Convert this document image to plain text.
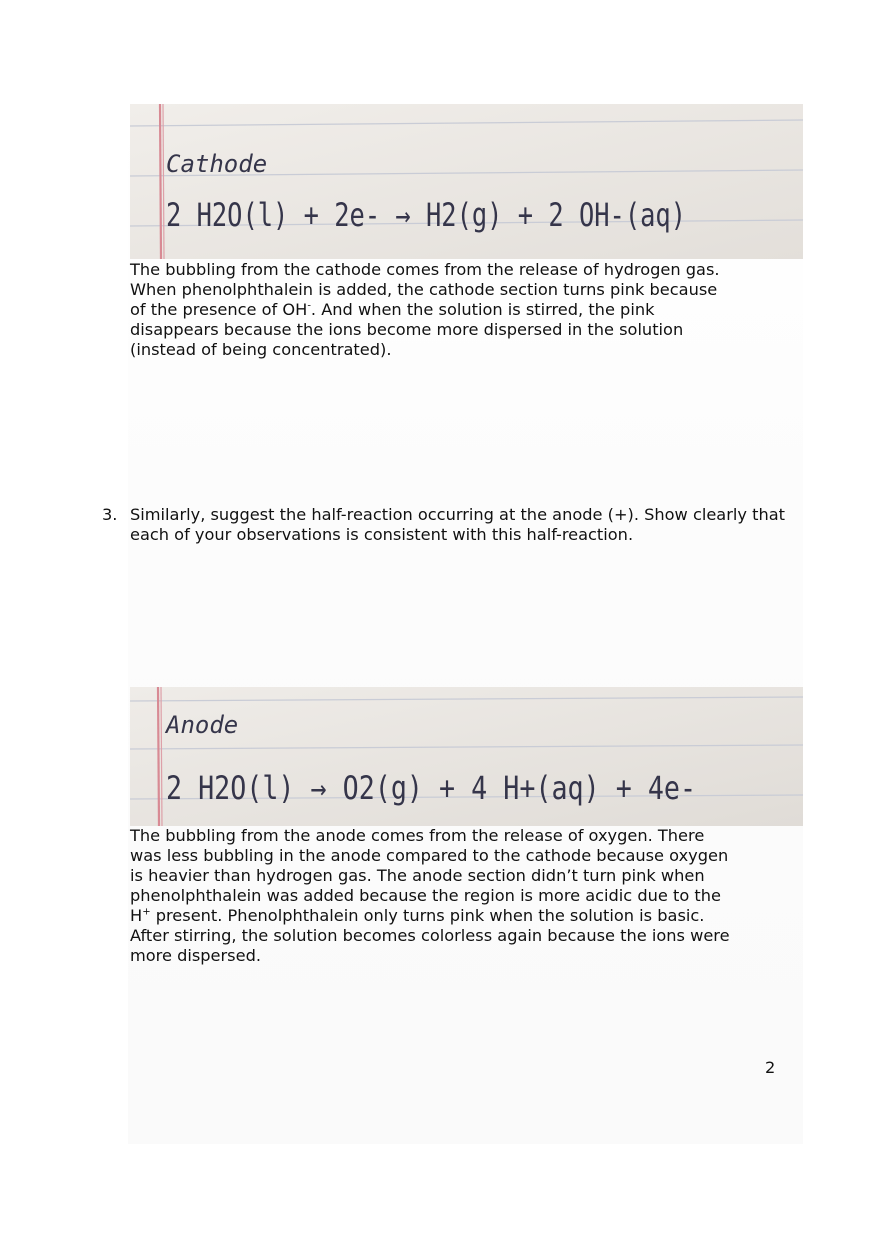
Cathode
2 H2O(l) + 2e- → H2(g) + 2 OH-(aq)
The bubbling from the cathode comes from the release of hydrogen gas.
When phenolphthalein is added, the cathode section turns pink because
of the presence of OH-. And when the solution is stirred, the pink
disappears because the ions become more dispersed in the solution
(instead of being concentrated).
3. Similarly, suggest the half-reaction occurring at the anode (+). Show clearly that each of your observations is consistent with this half-reaction.
Anode
2 H2O(l) → O2(g) + 4 H+(aq) + 4e-
The bubbling from the anode comes from the release of oxygen. There
was less bubbling in the anode compared to the cathode because oxygen
is heavier than hydrogen gas. The anode section didn’t turn pink when
phenolphthalein was added because the region is more acidic due to the
H+ present. Phenolphthalein only turns pink when the solution is basic.
After stirring, the solution becomes colorless again because the ions were
more dispersed.
2
